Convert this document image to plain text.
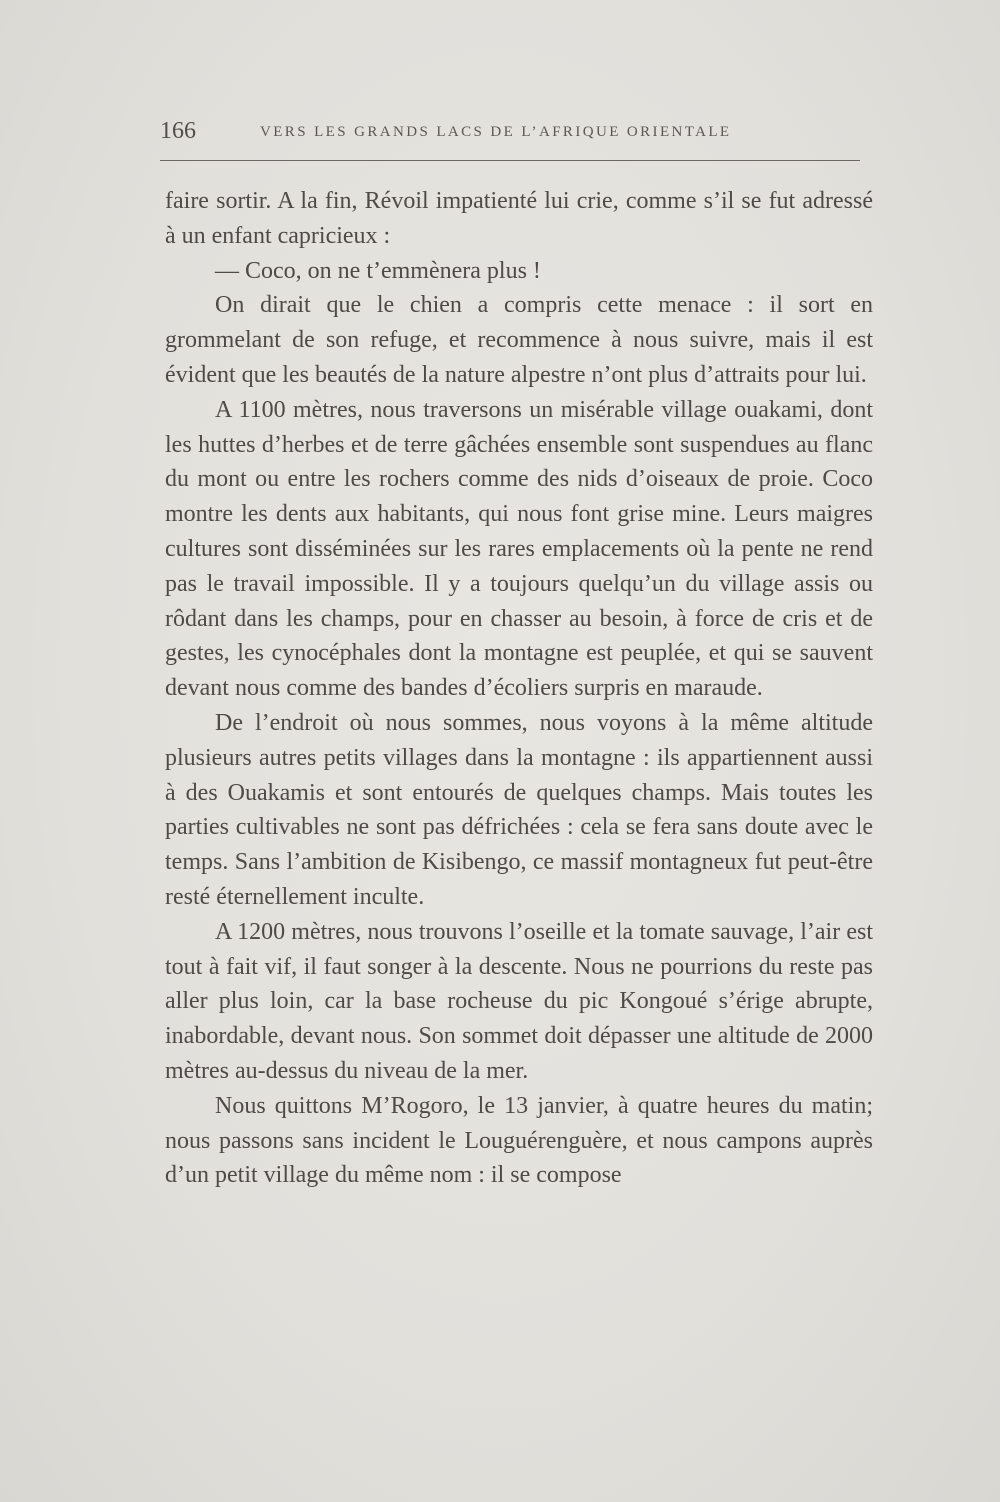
166	VERS LES GRANDS LACS DE L’AFRIQUE ORIENTALE

faire sortir. A la fin, Révoil impatienté lui crie, comme s’il se fut adressé à un enfant capricieux :

— Coco, on ne t’emmènera plus !

On dirait que le chien a compris cette menace : il sort en grommelant de son refuge, et recommence à nous suivre, mais il est évident que les beautés de la nature alpestre n’ont plus d’attraits pour lui.

A 1100 mètres, nous traversons un misérable village ouakami, dont les huttes d’herbes et de terre gâchées ensemble sont suspendues au flanc du mont ou entre les rochers comme des nids d’oiseaux de proie. Coco montre les dents aux habitants, qui nous font grise mine. Leurs maigres cultures sont disséminées sur les rares emplacements où la pente ne rend pas le travail impossible. Il y a toujours quelqu’un du village assis ou rôdant dans les champs, pour en chasser au besoin, à force de cris et de gestes, les cynocéphales dont la montagne est peuplée, et qui se sauvent devant nous comme des bandes d’écoliers surpris en maraude.

De l’endroit où nous sommes, nous voyons à la même altitude plusieurs autres petits villages dans la montagne : ils appartiennent aussi à des Ouakamis et sont entourés de quelques champs. Mais toutes les parties cultivables ne sont pas défrichées : cela se fera sans doute avec le temps. Sans l’ambition de Kisibengo, ce massif montagneux fut peut-être resté éternellement inculte.

A 1200 mètres, nous trouvons l’oseille et la tomate sauvage, l’air est tout à fait vif, il faut songer à la descente. Nous ne pourrions du reste pas aller plus loin, car la base rocheuse du pic Kongoué s’érige abrupte, inabordable, devant nous. Son sommet doit dépasser une altitude de 2000 mètres au-dessus du niveau de la mer.

Nous quittons M’Rogoro, le 13 janvier, à quatre heures du matin; nous passons sans incident le Louguérenguère, et nous campons auprès d’un petit village du même nom : il se compose
